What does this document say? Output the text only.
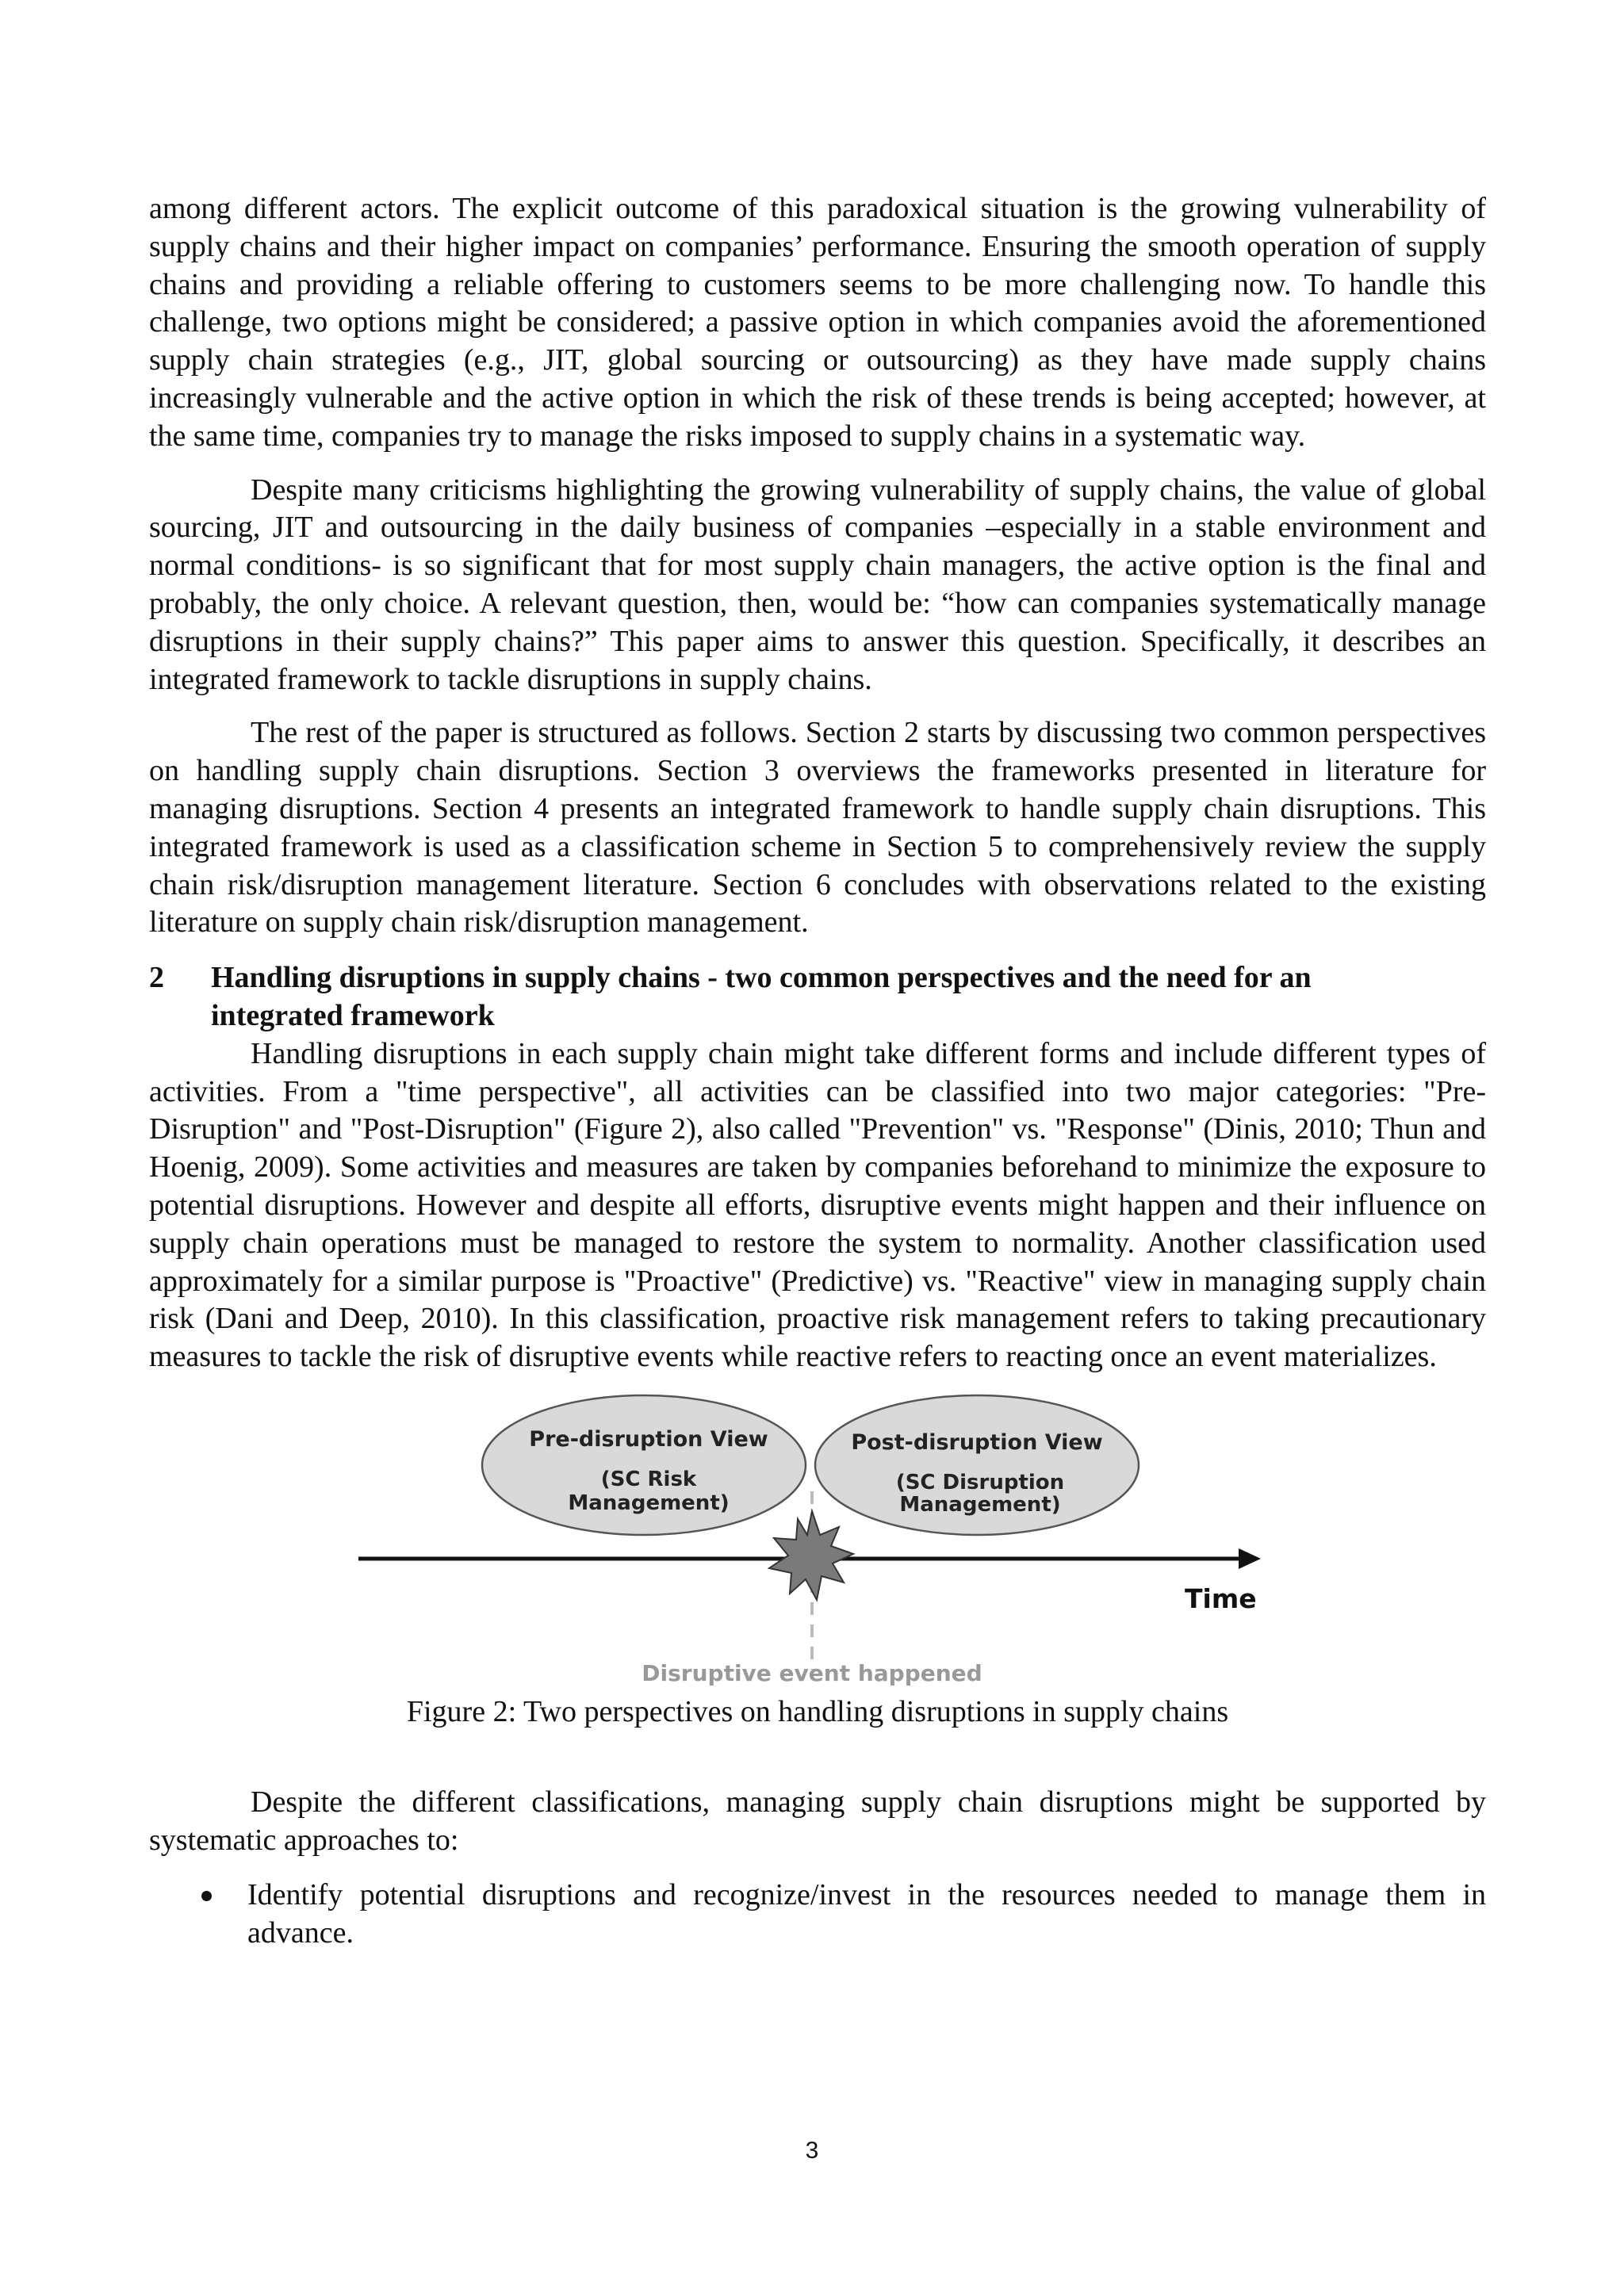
among different actors. The explicit outcome of this paradoxical situation is the growing vulnerability of supply chains and their higher impact on companies’ performance. Ensuring the smooth operation of supply chains and providing a reliable offering to customers seems to be more challenging now. To handle this challenge, two options might be considered; a passive option in which companies avoid the aforementioned supply chain strategies (e.g., JIT, global sourcing or outsourcing) as they have made supply chains increasingly vulnerable and the active option in which the risk of these trends is being accepted; however, at the same time, companies try to manage the risks imposed to supply chains in a systematic way.

Despite many criticisms highlighting the growing vulnerability of supply chains, the value of global sourcing, JIT and outsourcing in the daily business of companies –especially in a stable environment and normal conditions- is so significant that for most supply chain managers, the active option is the final and probably, the only choice. A relevant question, then, would be: “how can companies systematically manage disruptions in their supply chains?” This paper aims to answer this question. Specifically, it describes an integrated framework to tackle disruptions in supply chains.

The rest of the paper is structured as follows. Section 2 starts by discussing two common perspectives on handling supply chain disruptions. Section 3 overviews the frameworks presented in literature for managing disruptions. Section 4 presents an integrated framework to handle supply chain disruptions. This integrated framework is used as a classification scheme in Section 5 to comprehensively review the supply chain risk/disruption management literature. Section 6 concludes with observations related to the existing literature on supply chain risk/disruption management.

2	Handling disruptions in supply chains - two common perspectives and the need for an
integrated framework

Handling disruptions in each supply chain might take different forms and include different types of activities. From a "time perspective", all activities can be classified into two major categories: "Pre-Disruption" and "Post-Disruption" (Figure 2), also called "Prevention" vs. "Response" (Dinis, 2010; Thun and Hoenig, 2009). Some activities and measures are taken by companies beforehand to minimize the exposure to potential disruptions. However and despite all efforts, disruptive events might happen and their influence on supply chain operations must be managed to restore the system to normality. Another classification used approximately for a similar purpose is "Proactive" (Predictive) vs. "Reactive" view in managing supply chain risk (Dani and Deep, 2010). In this classification, proactive risk management refers to taking precautionary measures to tackle the risk of disruptive events while reactive refers to reacting once an event materializes.

Pre-disruption View
(SC Risk
Management)
Post-disruption View
(SC Disruption
Management)
Time
Disruptive event happened
Figure 2: Two perspectives on handling disruptions in supply chains

Despite the different classifications, managing supply chain disruptions might be supported by systematic approaches to:

Identify potential disruptions and recognize/invest in the resources needed to manage them in advance.

3
